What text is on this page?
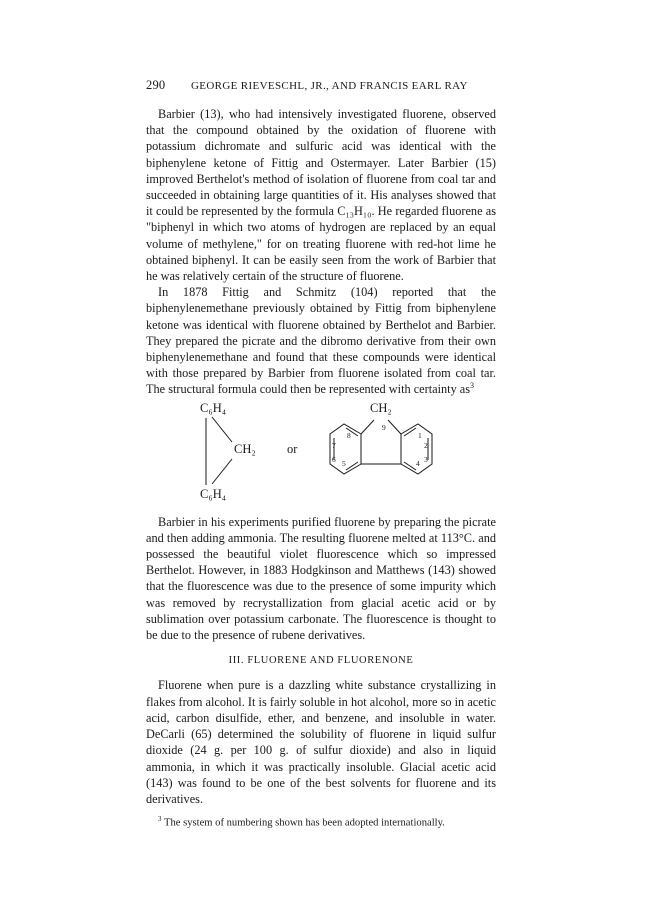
290	GEORGE RIEVESCHL, JR., AND FRANCIS EARL RAY

Barbier (13), who had intensively investigated fluorene, observed that the compound obtained by the oxidation of fluorene with potassium dichromate and sulfuric acid was identical with the biphenylene ketone of Fittig and Ostermayer. Later Barbier (15) improved Berthelot's method of isolation of fluorene from coal tar and succeeded in obtaining large quantities of it. His analyses showed that it could be represented by the formula C₁₃H₁₀. He regarded fluorene as "biphenyl in which two atoms of hydrogen are replaced by an equal volume of methylene," for on treating fluorene with red-hot lime he obtained biphenyl. It can be easily seen from the work of Barbier that he was relatively certain of the structure of fluorene.

In 1878 Fittig and Schmitz (104) reported that the biphenylenemethane previously obtained by Fittig from biphenylene ketone was identical with fluorene obtained by Berthelot and Barbier. They prepared the picrate and the dibromo derivative from their own biphenylenemethane and found that these compounds were identical with those prepared by Barbier from fluorene isolated from coal tar. The structural formula could then be represented with certainty as$^3$

C₆H₄
CH₂
C₆H₄
or
CH₂
9
8	1
2
7
6 5	4 3

Barbier in his experiments purified fluorene by preparing the picrate and then adding ammonia. The resulting fluorene melted at 113°C. and possessed the beautiful violet fluorescence which so impressed Berthelot. However, in 1883 Hodgkinson and Matthews (143) showed that the fluorescence was due to the presence of some impurity which was removed by recrystallization from glacial acetic acid or by sublimation over potassium carbonate. The fluorescence is thought to be due to the presence of rubene derivatives.

III. FLUORENE AND FLUORENONE

Fluorene when pure is a dazzling white substance crystallizing in flakes from alcohol. It is fairly soluble in hot alcohol, more so in acetic acid, carbon disulfide, ether, and benzene, and insoluble in water. DeCarli (65) determined the solubility of fluorene in liquid sulfur dioxide (24 g. per 100 g. of sulfur dioxide) and also in liquid ammonia, in which it was practically insoluble. Glacial acetic acid (143) was found to be one of the best solvents for fluorene and its derivatives.

$^3$ The system of numbering shown has been adopted internationally.
